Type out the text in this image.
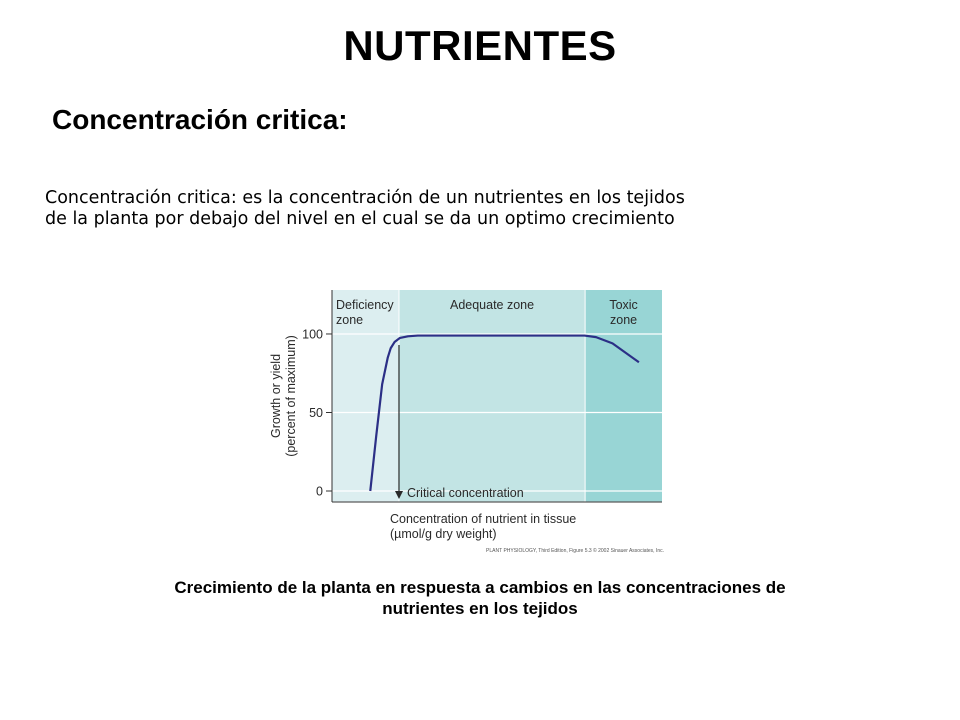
NUTRIENTES
Concentración critica:

Concentración critica: es la concentración de un nutrientes en los tejidos
de la planta por debajo del nivel en el cual se da un optimo crecimiento

Deficiency
zone
Adequate zone	Toxic
zone
0
50
100
Growth or yield(percent of maximum)
Concentration of nutrient in tissue
(µmol/g dry weight)
PLANT PHYSIOLOGY, Third Edition, Figure 5.3 © 2002 Sinauer Associates, Inc.
Critical concentration
Crecimiento de la planta en respuesta a cambios en las concentraciones de
nutrientes en los tejidos
